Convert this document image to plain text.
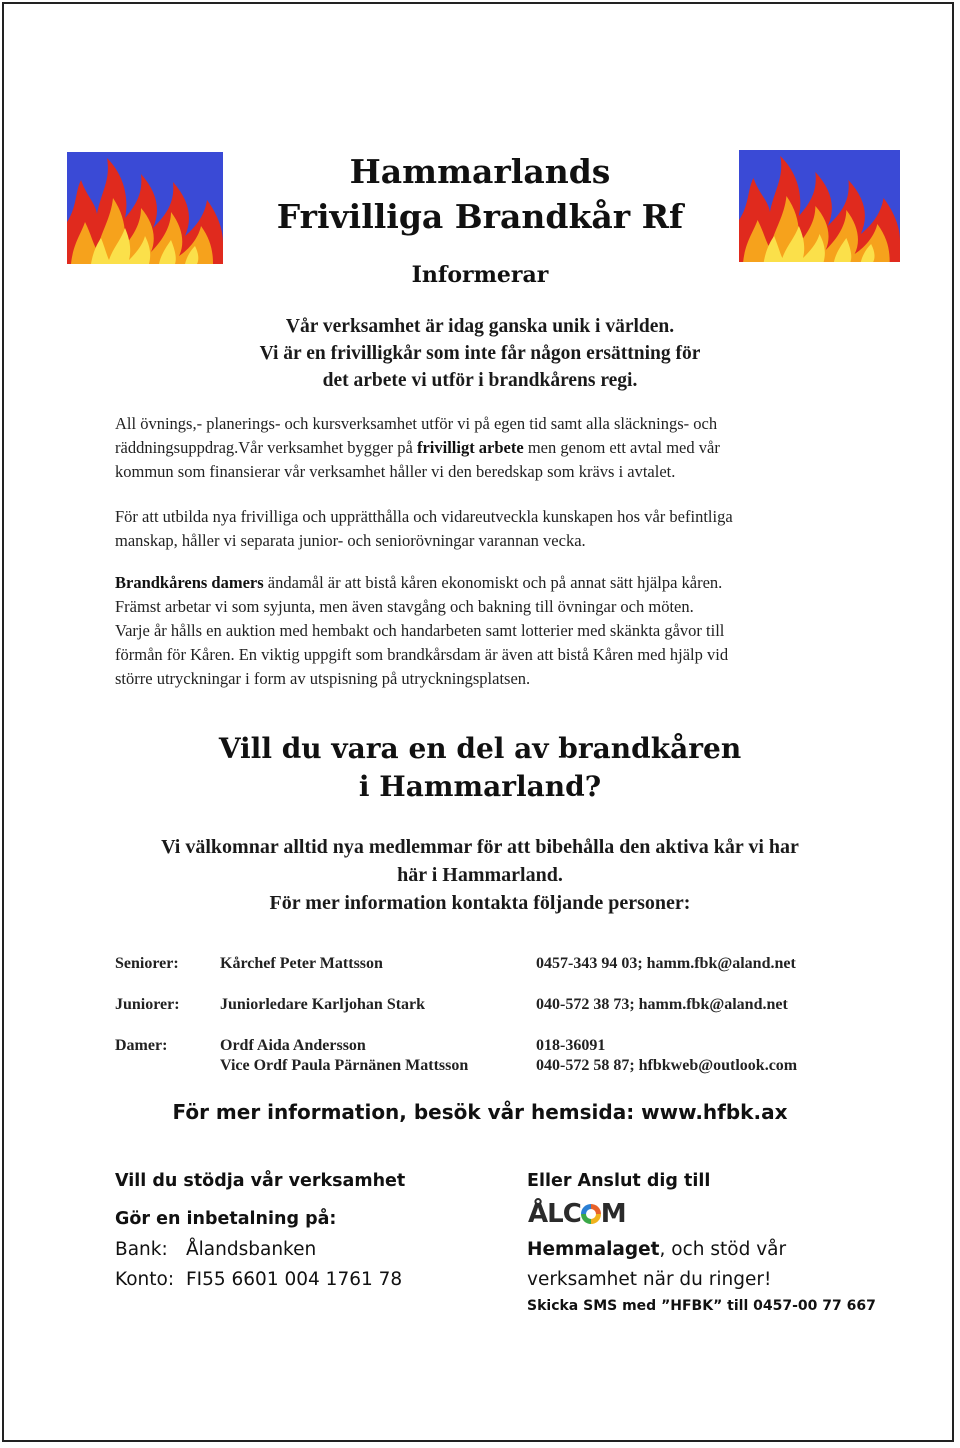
Hammarlands
Frivilliga Brandkår Rf
Informerar
Vår verksamhet är idag ganska unik i världen.
Vi är en frivilligkår som inte får någon ersättning för
det arbete vi utför i brandkårens regi.
All övnings,- planerings- och kursverksamhet utför vi på egen tid samt alla släcknings- och
räddningsuppdrag.Vår verksamhet bygger på frivilligt arbete men genom ett avtal med vår
kommun som finansierar vår verksamhet håller vi den beredskap som krävs i avtalet.
För att utbilda nya frivilliga och upprätthålla och vidareutveckla kunskapen hos vår befintliga
manskap, håller vi separata junior- och seniorövningar varannan vecka.
Brandkårens damers ändamål är att bistå kåren ekonomiskt och på annat sätt hjälpa kåren.
Främst arbetar vi som syjunta, men även stavgång och bakning till övningar och möten.
Varje år hålls en auktion med hembakt och handarbeten samt lotterier med skänkta gåvor till
förmån för Kåren. En viktig uppgift som brandkårsdam är även att bistå Kåren med hjälp vid
större utryckningar i form av utspisning på utryckningsplatsen.
Vill du vara en del av brandkåren
i Hammarland?
Vi välkomnar alltid nya medlemmar för att bibehålla den aktiva kår vi har
här i Hammarland.
För mer information kontakta följande personer:
Seniorer:	Kårchef Peter Mattsson	0457-343 94 03; hamm.fbk@aland.net
Juniorer:	Juniorledare Karljohan Stark	040-572 38 73; hamm.fbk@aland.net
Damer:	Ordf Aida Andersson	018-36091
Vice Ordf Paula Pärnänen Mattsson	040-572 58 87; hfbkweb@outlook.com
För mer information, besök vår hemsida: www.hfbk.ax
Vill du stödja vår verksamhet
Gör en inbetalning på:
Bank: Ålandsbanken
Konto: FI55 6601 004 1761 78
Eller Anslut dig till
ÅLC M
Hemmalaget, och stöd vår
verksamhet när du ringer!
Skicka SMS med ”HFBK” till 0457-00 77 667
